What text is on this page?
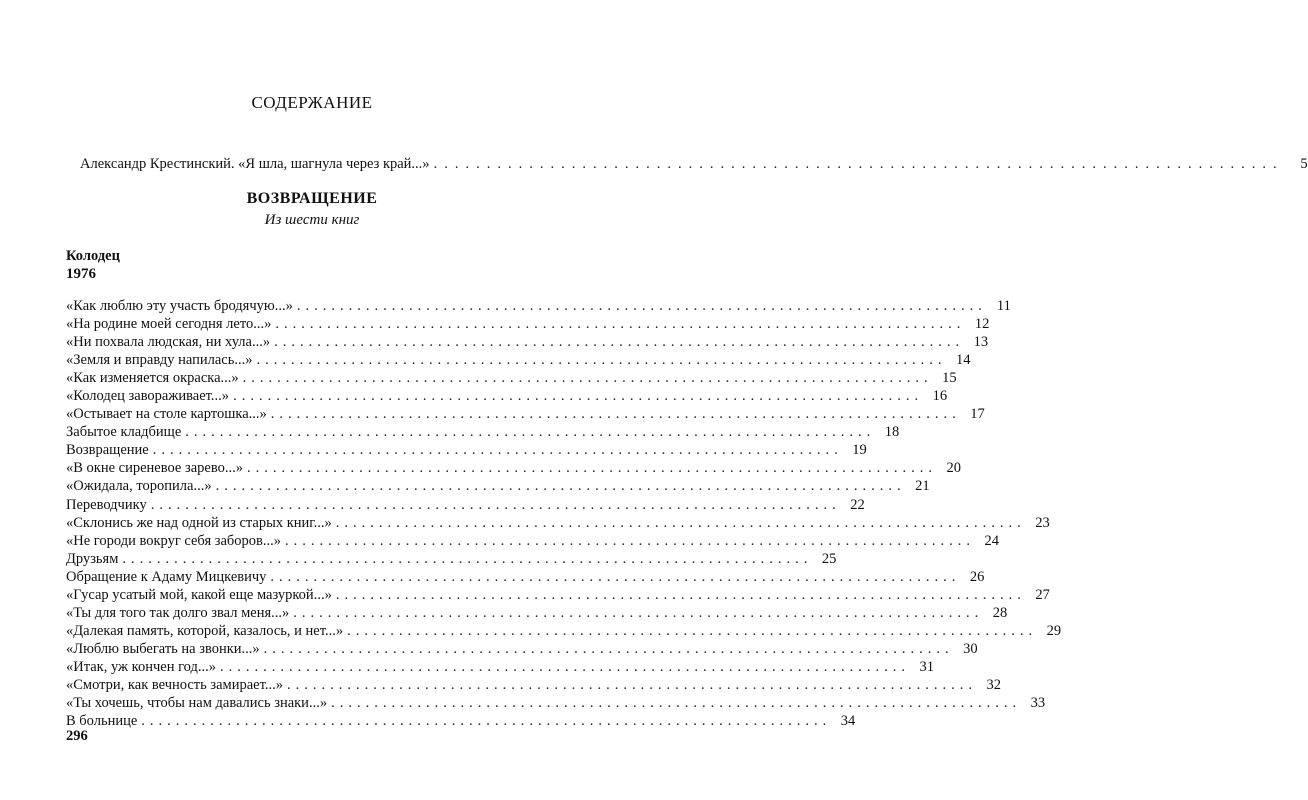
СОДЕРЖАНИЕ
Александр Крестинский. «Я шла, шагнула через край...» ................................................................................	5
ВОЗВРАЩЕНИЕ
Из шести книг
Колодец
1976
«Как люблю эту участь бродячую...» ................................................................................ 11
«На родине моей сегодня лето...» ................................................................................ 12
«Ни похвала людская, ни хула...» ................................................................................ 13
«Земля и вправду напилась...» ................................................................................ 14
«Как изменяется окраска...» ................................................................................ 15
«Колодец завораживает...» ................................................................................ 16
«Остывает на столе картошка...» ................................................................................ 17
Забытое кладбище ................................................................................ 18
Возвращение ................................................................................ 19
«В окне сиреневое зарево...» ................................................................................ 20
«Ожидала, торопила...» ................................................................................ 21
Переводчику ................................................................................ 22
«Склонись же над одной из старых книг...» ................................................................................ 23
«Не городи вокруг себя заборов...» ................................................................................ 24
Друзьям ................................................................................ 25
Обращение к Адаму Мицкевичу ................................................................................ 26
«Гусар усатый мой, какой еще мазуркой...» ................................................................................ 27
«Ты для того так долго звал меня...» ................................................................................ 28
«Далекая память, которой, казалось, и нет...» ................................................................................ 29
«Люблю выбегать на звонки...» ................................................................................ 30
«Итак, уж кончен год...» ................................................................................ 31
«Смотри, как вечность замирает...» ................................................................................ 32
«Ты хочешь, чтобы нам давались знаки...» ................................................................................ 33
В больнице ................................................................................ 34
296
